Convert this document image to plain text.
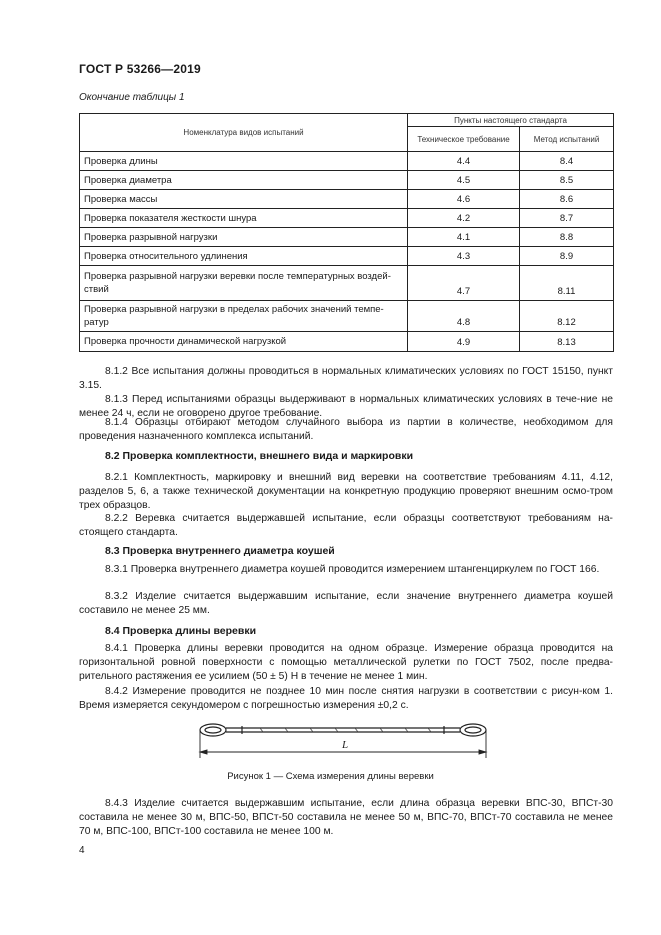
ГОСТ Р 53266—2019
Окончание таблицы 1
Номенклатура видов испытаний	Пункты настоящего стандарта	
	Техническое требование	Метод испытаний
Проверка длины	4.4	8.4
Проверка диаметра	4.5	8.5
Проверка массы	4.6	8.6
Проверка показателя жесткости шнура	4.2	8.7
Проверка разрывной нагрузки	4.1	8.8
Проверка относительного удлинения	4.3	8.9
Проверка разрывной нагрузки веревки после температурных воздей-ствий	4.7	8.11
Проверка разрывной нагрузки в пределах рабочих значений темпе-ратур	4.8	8.12
Проверка прочности динамической нагрузкой	4.9	8.13
8.1.2 Все испытания должны проводиться в нормальных климатических условиях по ГОСТ 15150, пункт 3.15.
8.1.3 Перед испытаниями образцы выдерживают в нормальных климатических условиях в тече-ние не менее 24 ч, если не оговорено другое требование.
8.1.4 Образцы отбирают методом случайного выбора из партии в количестве, необходимом для проведения назначенного комплекса испытаний.
8.2 Проверка комплектности, внешнего вида и маркировки
8.2.1 Комплектность, маркировку и внешний вид веревки на соответствие требованиям 4.11, 4.12, разделов 5, 6, а также технической документации на конкретную продукцию проверяют внешним осмо-тром трех образцов.
8.2.2 Веревка считается выдержавшей испытание, если образцы соответствуют требованиям на-стоящего стандарта.
8.3 Проверка внутреннего диаметра коушей
8.3.1 Проверка внутреннего диаметра коушей проводится измерением штангенциркулем по ГОСТ 166.
8.3.2 Изделие считается выдержавшим испытание, если значение внутреннего диаметра коушей составило не менее 25 мм.
8.4 Проверка длины веревки
8.4.1 Проверка длины веревки проводится на одном образце. Измерение образца проводится на горизонтальной ровной поверхности с помощью металлической рулетки по ГОСТ 7502, после предва-рительного растяжения ее усилием (50 ± 5) Н в течение не менее 1 мин.
8.4.2 Измерение проводится не позднее 10 мин после снятия нагрузки в соответствии с рисун-ком 1. Время измеряется секундомером с погрешностью измерения ±0,2 с.
L
Рисунок 1 — Схема измерения длины веревки
8.4.3 Изделие считается выдержавшим испытание, если длина образца веревки ВПС-30, ВПСт-30 составила не менее 30 м, ВПС-50, ВПСт-50 составила не менее 50 м, ВПС-70, ВПСт-70 составила не менее 70 м, ВПС-100, ВПСт-100 составила не менее 100 м.
4
